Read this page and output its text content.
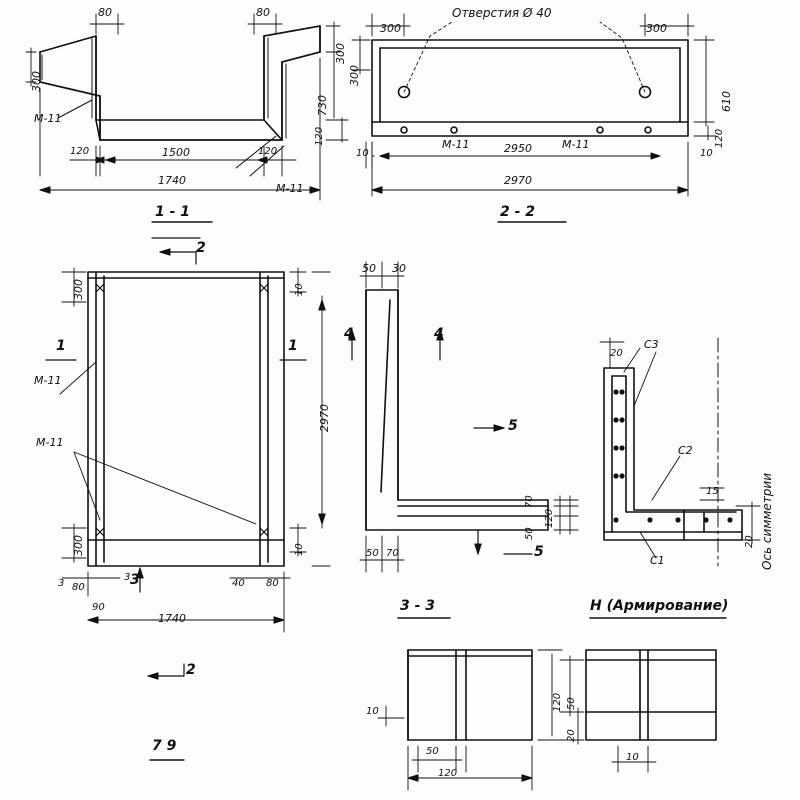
80	80
300
300
730
120
120	1500	120
1740
М-11
М-11
1 - 1
Отверстия Ø 40
300	300
610
120
300
10	10
М-11	М-11
2950
2970
2 - 2
2
2
1	1
3
300
300
10
10
2970
М-11
М-11
3 80
3
40 80
90
1740
7 9
50 30
4	4
5
5
70
120
50
50 70
3 - 3
С3
С2
С1
20
15
20 Ось симметрии
Н (Армирование)
10	120
50
120
50
20
10
